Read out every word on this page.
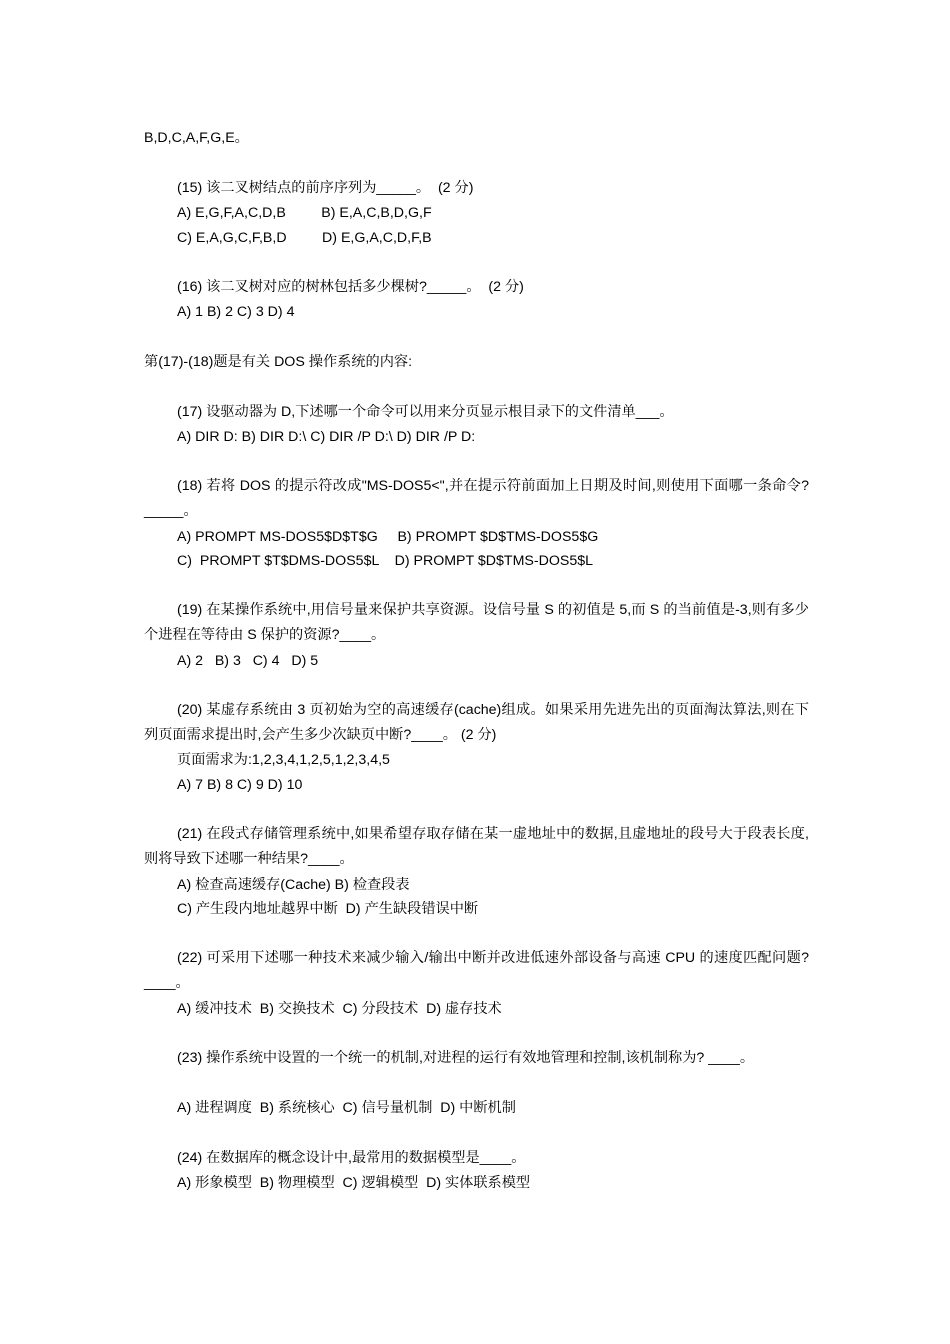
B,D,C,A,F,G,E。
(15) 该二叉树结点的前序序列为_____。  (2 分)
A) E,G,F,A,C,D,B         B) E,A,C,B,D,G,F
C) E,A,G,C,F,B,D         D) E,G,A,C,D,F,B
(16) 该二叉树对应的树林包括多少棵树?_____。  (2 分)
A) 1 B) 2 C) 3 D) 4
第(17)-(18)题是有关 DOS 操作系统的内容:
(17) 设驱动器为 D,下述哪一个命令可以用来分页显示根目录下的文件清单___。
A) DIR D: B) DIR D:\ C) DIR /P D:\ D) DIR /P D:
(18) 若将 DOS 的提示符改成"MS-DOS5<",并在提示符前面加上日期及时间,则使用下面哪一条命令?_____。
A) PROMPT MS-DOS5$D$T$G     B) PROMPT $D$TMS-DOS5$G
C)  PROMPT $T$DMS-DOS5$L    D) PROMPT $D$TMS-DOS5$L
(19) 在某操作系统中,用信号量来保护共享资源。设信号量 S 的初值是 5,而 S 的当前值是-3,则有多少个进程在等待由 S 保护的资源?____。
A) 2   B) 3   C) 4   D) 5
(20) 某虚存系统由 3 页初始为空的高速缓存(cache)组成。如果采用先进先出的页面淘汰算法,则在下列页面需求提出时,会产生多少次缺页中断?____。 (2 分)
页面需求为:1,2,3,4,1,2,5,1,2,3,4,5
A) 7 B) 8 C) 9 D) 10
(21) 在段式存储管理系统中,如果希望存取存储在某一虚地址中的数据,且虚地址的段号大于段表长度,则将导致下述哪一种结果?____。
A) 检查高速缓存(Cache) B) 检查段表
C) 产生段内地址越界中断  D) 产生缺段错误中断
(22) 可采用下述哪一种技术来减少输入/输出中断并改进低速外部设备与高速 CPU 的速度匹配问题? ____。
A) 缓冲技术  B) 交换技术  C) 分段技术  D) 虚存技术
(23) 操作系统中设置的一个统一的机制,对进程的运行有效地管理和控制,该机制称为? ____。
A) 进程调度  B) 系统核心  C) 信号量机制  D) 中断机制
(24) 在数据库的概念设计中,最常用的数据模型是____。
A) 形象模型  B) 物理模型  C) 逻辑模型  D) 实体联系模型
